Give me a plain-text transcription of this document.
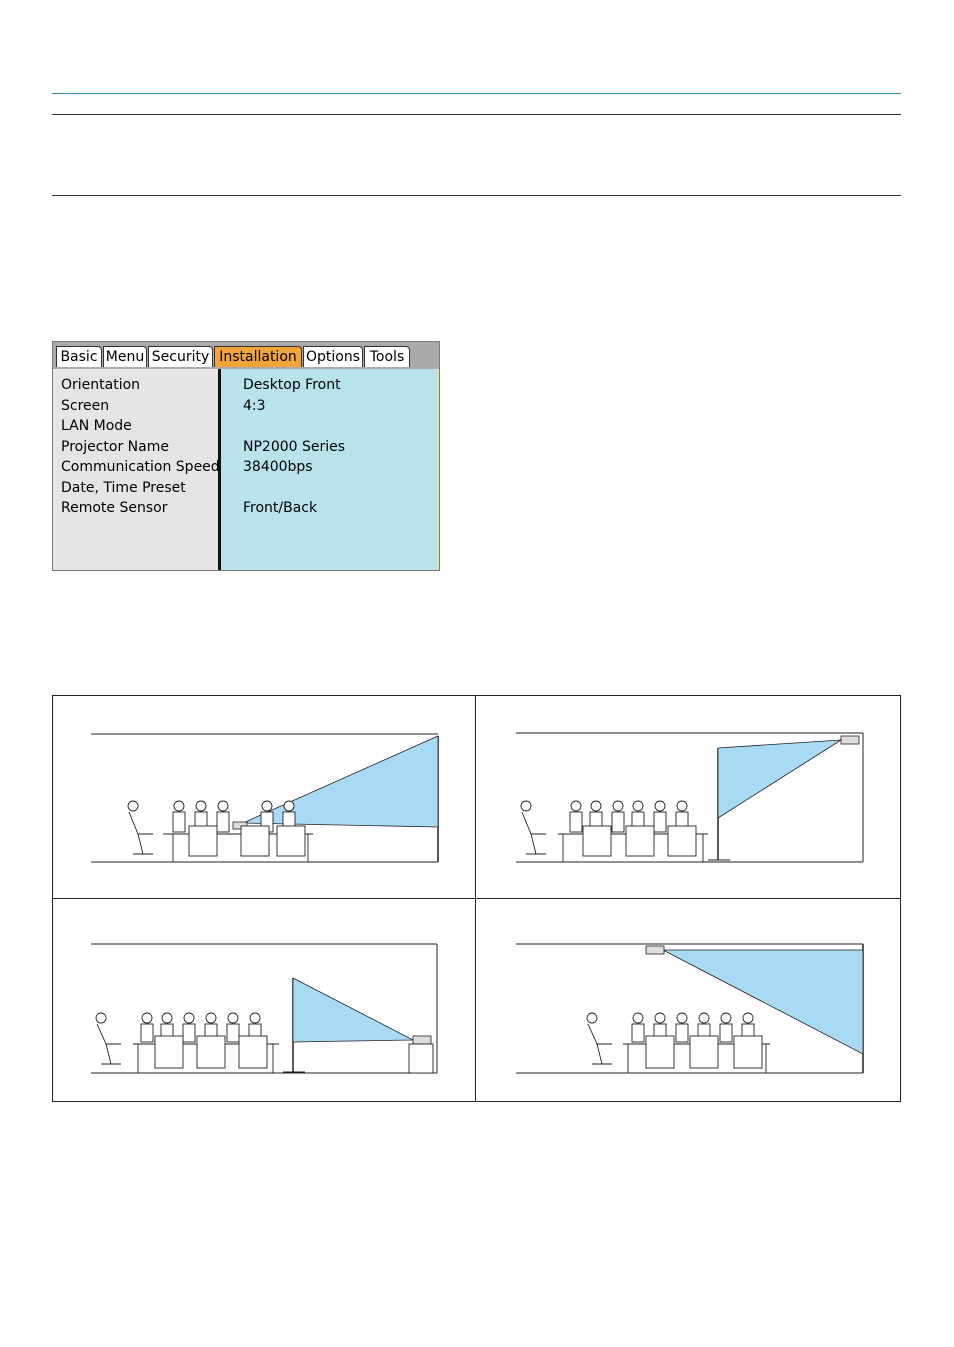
Basic Menu Security Installation Options Tools
Orientation
Screen
LAN Mode
Projector Name
Communication Speed
Date, Time Preset
Remote Sensor
Desktop Front
4:3
NP2000 Series
38400bps
Front/Back
